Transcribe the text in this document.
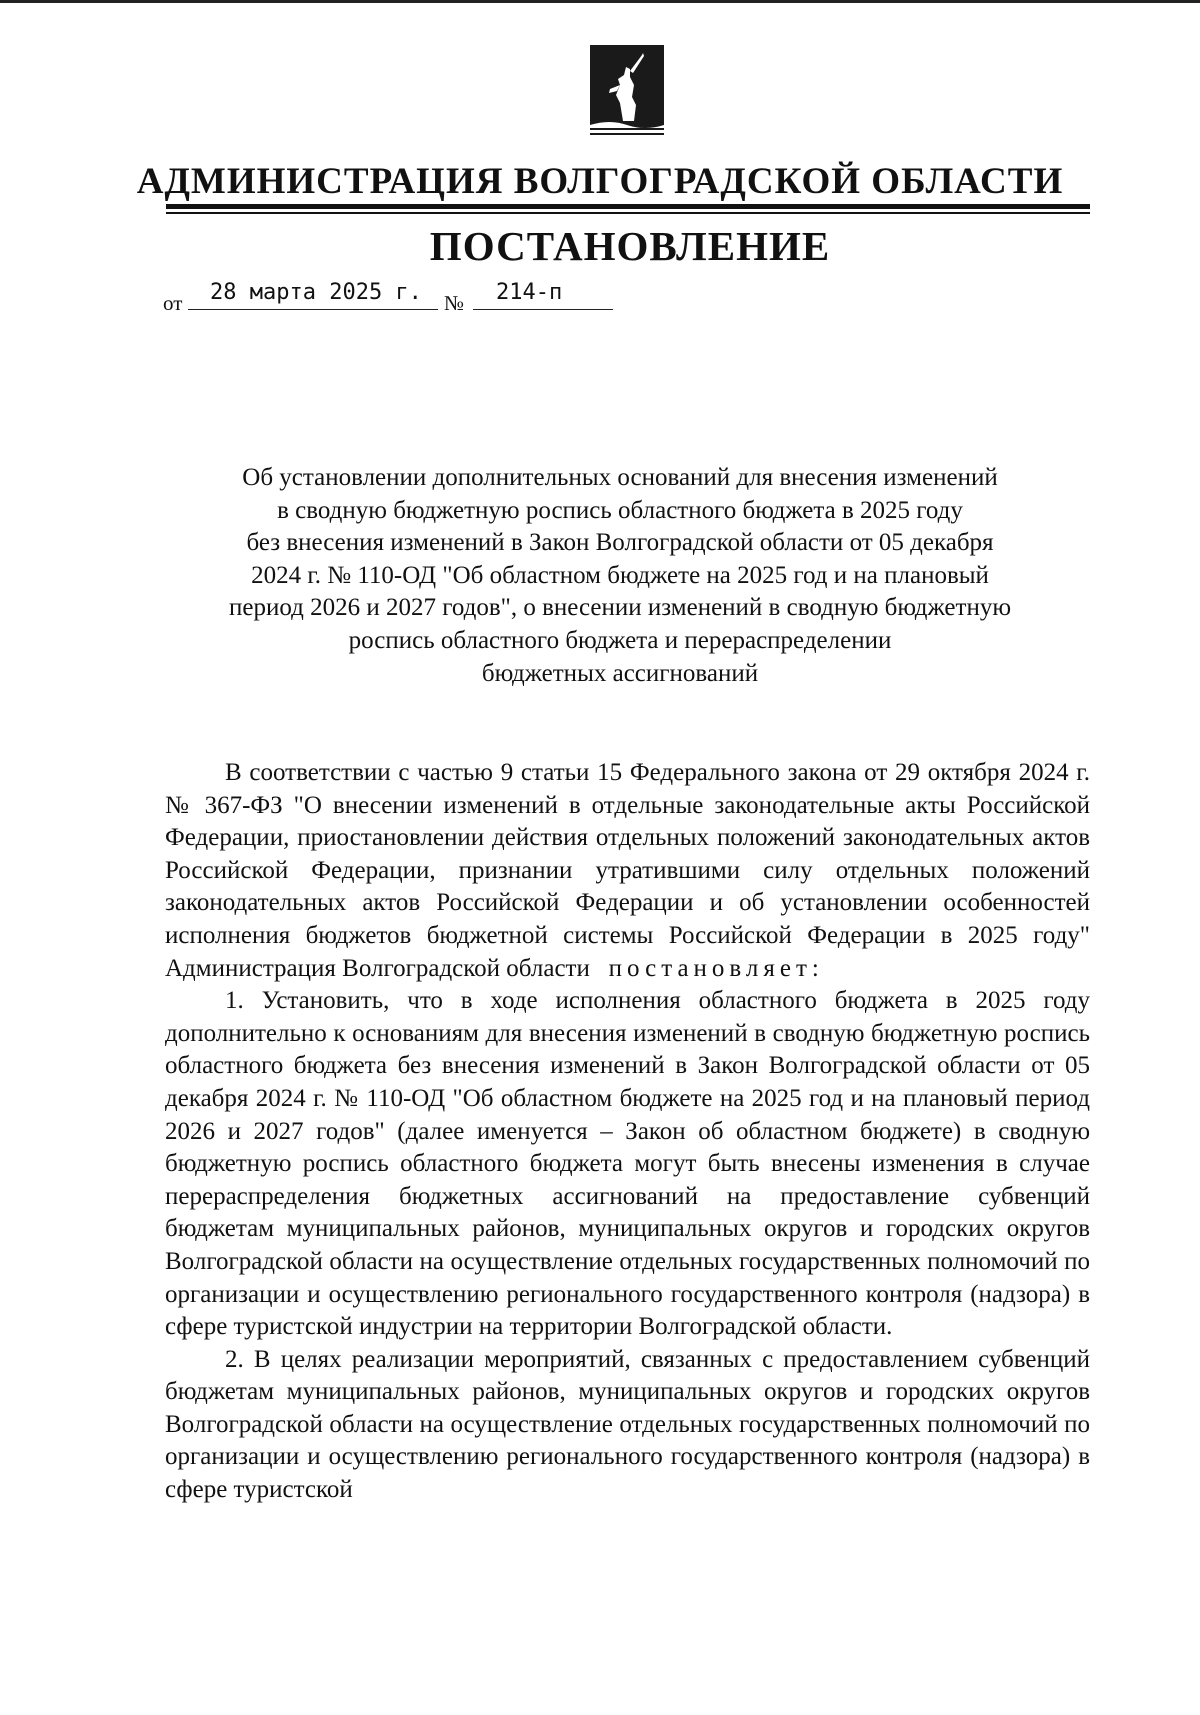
АДМИНИСТРАЦИЯ ВОЛГОГРАДСКОЙ ОБЛАСТИ
ПОСТАНОВЛЕНИЕ
от 28 марта 2025 г. № 214-п
Об установлении дополнительных оснований для внесения изменений
в сводную бюджетную роспись областного бюджета в 2025 году
без внесения изменений в Закон Волгоградской области от 05 декабря
2024 г. № 110-ОД "Об областном бюджете на 2025 год и на плановый
период 2026 и 2027 годов", о внесении изменений в сводную бюджетную
роспись областного бюджета и перераспределении
бюджетных ассигнований

В соответствии с частью 9 статьи 15 Федерального закона от 29 октября 2024 г. № 367-ФЗ "О внесении изменений в отдельные законодательные акты Российской Федерации, приостановлении действия отдельных положений законодательных актов Российской Федерации, признании утратившими силу отдельных положений законодательных актов Российской Федерации и об установлении особенностей исполнения бюджетов бюджетной системы Российской Федерации в 2025 году" Администрация Волгоградской области постановляет:

1. Установить, что в ходе исполнения областного бюджета в 2025 году дополнительно к основаниям для внесения изменений в сводную бюджетную роспись областного бюджета без внесения изменений в Закон Волгоградской области от 05 декабря 2024 г. № 110-ОД "Об областном бюджете на 2025 год и на плановый период 2026 и 2027 годов" (далее именуется – Закон об областном бюджете) в сводную бюджетную роспись областного бюджета могут быть внесены изменения в случае перераспределения бюджетных ассигнований на предоставление субвенций бюджетам муниципальных районов, муниципальных округов и городских округов Волгоградской области на осуществление отдельных государственных полномочий по организации и осуществлению регионального государственного контроля (надзора) в сфере туристской индустрии на территории Волгоградской области.

2. В целях реализации мероприятий, связанных с предоставлением субвенций бюджетам муниципальных районов, муниципальных округов и городских округов Волгоградской области на осуществление отдельных государственных полномочий по организации и осуществлению регионального государственного контроля (надзора) в сфере туристской
